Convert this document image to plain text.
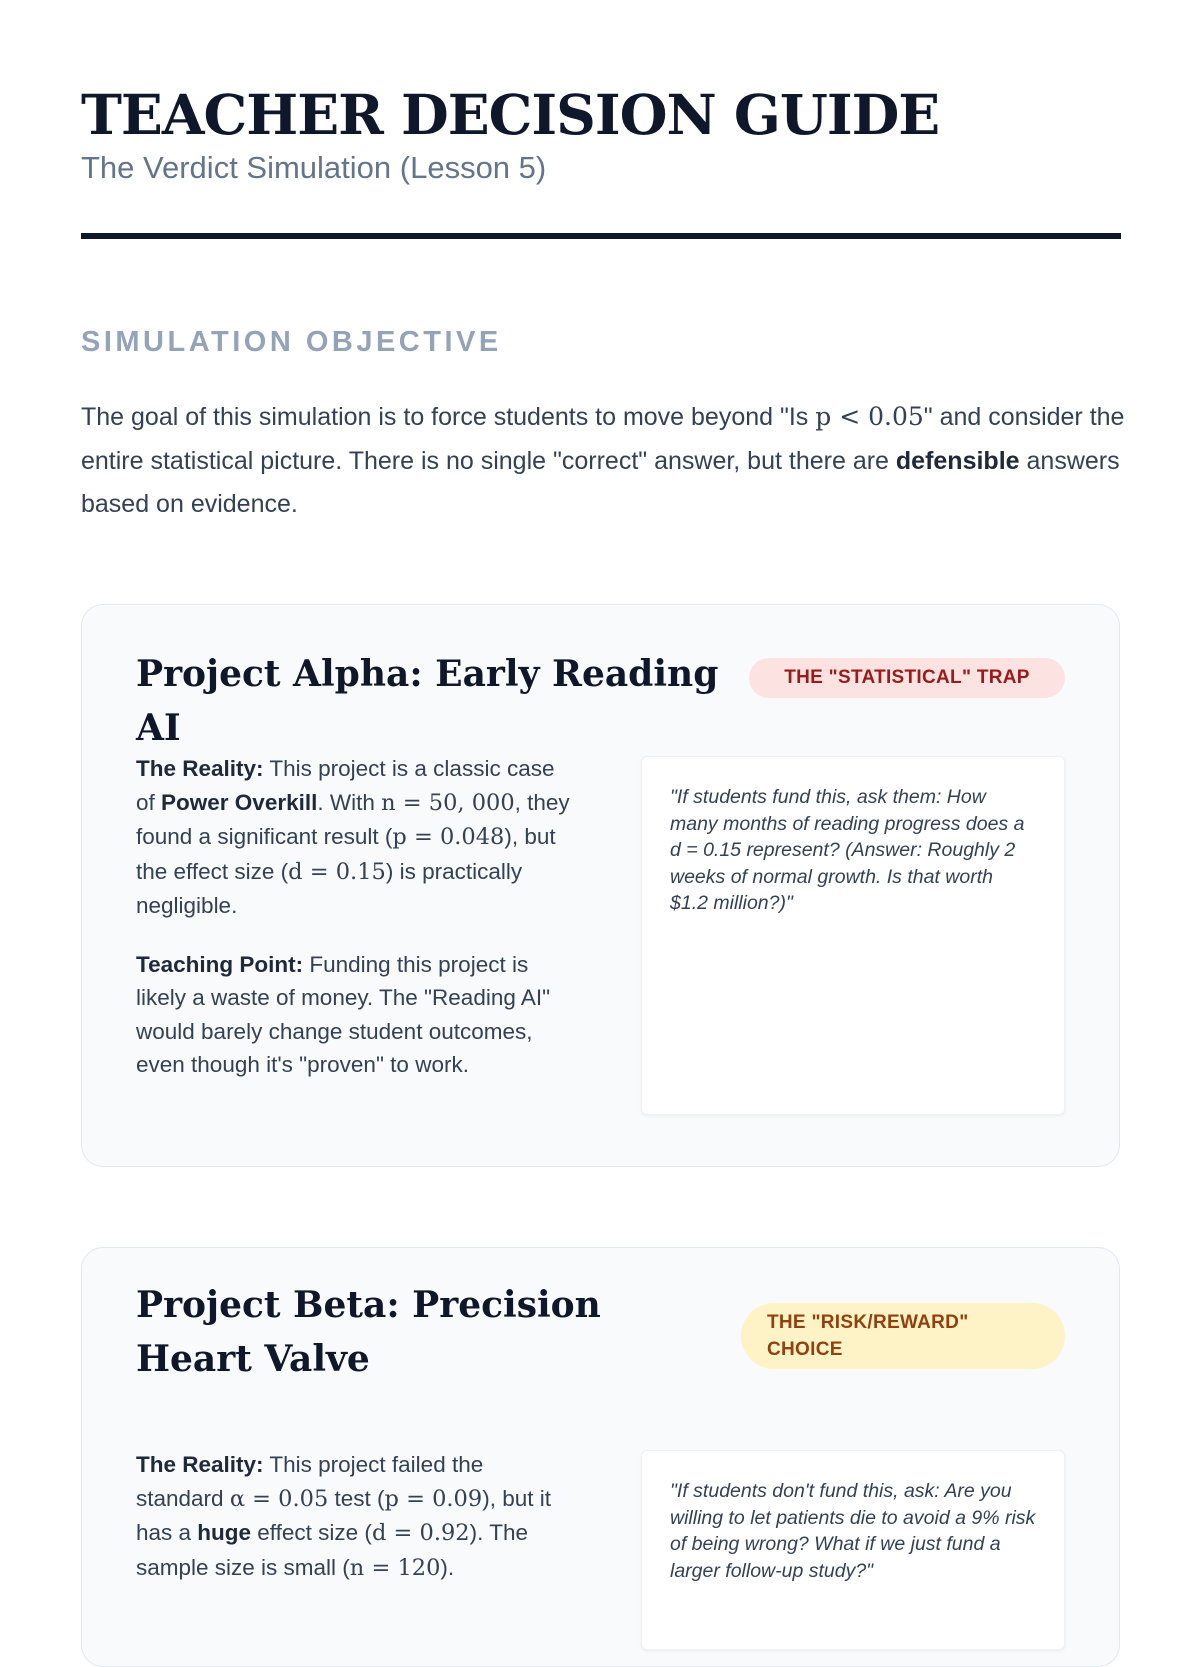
TEACHER DECISION GUIDE
The Verdict Simulation (Lesson 5)
SIMULATION OBJECTIVE

The goal of this simulation is to force students to move beyond "Is p < 0.05" and consider the entire statistical picture. There is no single "correct" answer, but there are defensible answers based on evidence.

Project Alpha: Early Reading AI
THE "STATISTICAL" TRAP

The Reality: This project is a classic case of Power Overkill. With n = 50, 000, they found a significant result (p = 0.048), but the effect size (d = 0.15) is practically negligible.

Teaching Point: Funding this project is likely a waste of money. The "Reading AI" would barely change student outcomes, even though it's "proven" to work.

"If students fund this, ask them: How many months of reading progress does a d = 0.15 represent? (Answer: Roughly 2 weeks of normal growth. Is that worth $1.2 million?)"
Project Beta: Precision Heart Valve
THE "RISK/REWARD" CHOICE

The Reality: This project failed the standard α = 0.05 test (p = 0.09), but it has a huge effect size (d = 0.92). The sample size is small (n = 120).

"If students don't fund this, ask: Are you willing to let patients die to avoid a 9% risk of being wrong? What if we just fund a larger follow-up study?"
